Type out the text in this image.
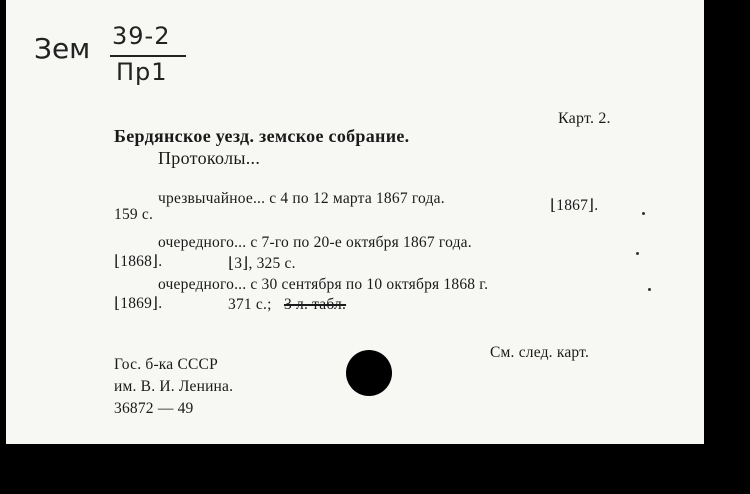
Зем 39-2
Пр1
Карт. 2.
Бердянское уезд. земское собрание.
Протоколы...
чрезвычайное... с 4 по 12 марта 1867 года.	⌊1867⌋.
159 с.
очередного... с 7-го по 20-е октября 1867 года.
⌊1868⌋.	⌊3⌋, 325 с.
очередного... с 30 сентября по 10 октября 1868 г.
⌊1869⌋.	371 с.; 3 л. табл.
См. след. карт.
Гос. б-ка СССР
им. В. И. Ленина.
36872 — 49
